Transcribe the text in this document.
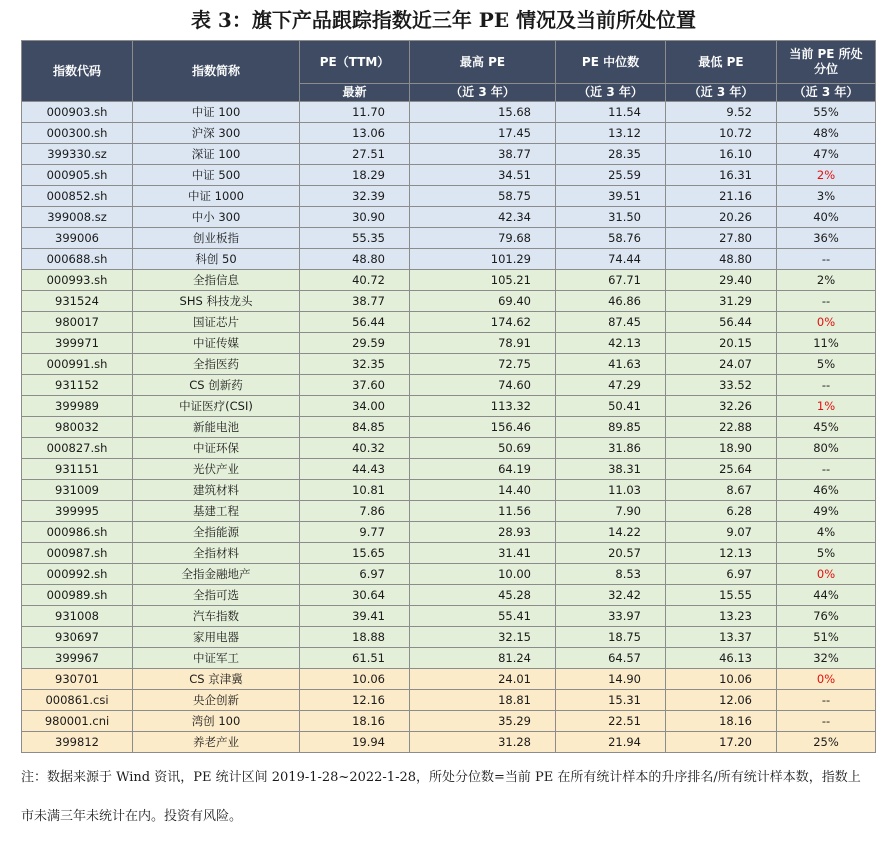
表 3：旗下产品跟踪指数近三年 PE 情况及当前所处位置
指数代码	指数简称	PE（TTM）	最高 PE	PE 中位数	最低 PE	当前 PE 所处
分位

		最新	（近 3 年）	（近 3 年）	（近 3 年）	（近 3 年）
000903.sh	中证 100	11.70	15.68	11.54	9.52	55%
000300.sh	沪深 300	13.06	17.45	13.12	10.72	48%
399330.sz	深证 100	27.51	38.77	28.35	16.10	47%
000905.sh	中证 500	18.29	34.51	25.59	16.31	2%
000852.sh	中证 1000	32.39	58.75	39.51	21.16	3%
399008.sz	中小 300	30.90	42.34	31.50	20.26	40%
399006	创业板指	55.35	79.68	58.76	27.80	36%
000688.sh	科创 50	48.80	101.29	74.44	48.80	--
000993.sh	全指信息	40.72	105.21	67.71	29.40	2%
931524	SHS 科技龙头	38.77	69.40	46.86	31.29	--
980017	国证芯片	56.44	174.62	87.45	56.44	0%
399971	中证传媒	29.59	78.91	42.13	20.15	11%
000991.sh	全指医药	32.35	72.75	41.63	24.07	5%
931152	CS 创新药	37.60	74.60	47.29	33.52	--
399989	中证医疗(CSI)	34.00	113.32	50.41	32.26	1%
980032	新能电池	84.85	156.46	89.85	22.88	45%
000827.sh	中证环保	40.32	50.69	31.86	18.90	80%
931151	光伏产业	44.43	64.19	38.31	25.64	--
931009	建筑材料	10.81	14.40	11.03	8.67	46%
399995	基建工程	7.86	11.56	7.90	6.28	49%
000986.sh	全指能源	9.77	28.93	14.22	9.07	4%
000987.sh	全指材料	15.65	31.41	20.57	12.13	5%
000992.sh	全指金融地产	6.97	10.00	8.53	6.97	0%
000989.sh	全指可选	30.64	45.28	32.42	15.55	44%
931008	汽车指数	39.41	55.41	33.97	13.23	76%
930697	家用电器	18.88	32.15	18.75	13.37	51%
399967	中证军工	61.51	81.24	64.57	46.13	32%
930701	CS 京津冀	10.06	24.01	14.90	10.06	0%
000861.csi	央企创新	12.16	18.81	15.31	12.06	--
980001.cni	湾创 100	18.16	35.29	22.51	18.16	--
399812	养老产业	19.94	31.28	21.94	17.20	25%
注：数据来源于 Wind 资讯，PE 统计区间 2019-1-28~2022-1-28，所处分位数=当前 PE 在所有统计样本的升序排名/所有统计样本数，指数上市未满三年未统计在内。投资有风险。
